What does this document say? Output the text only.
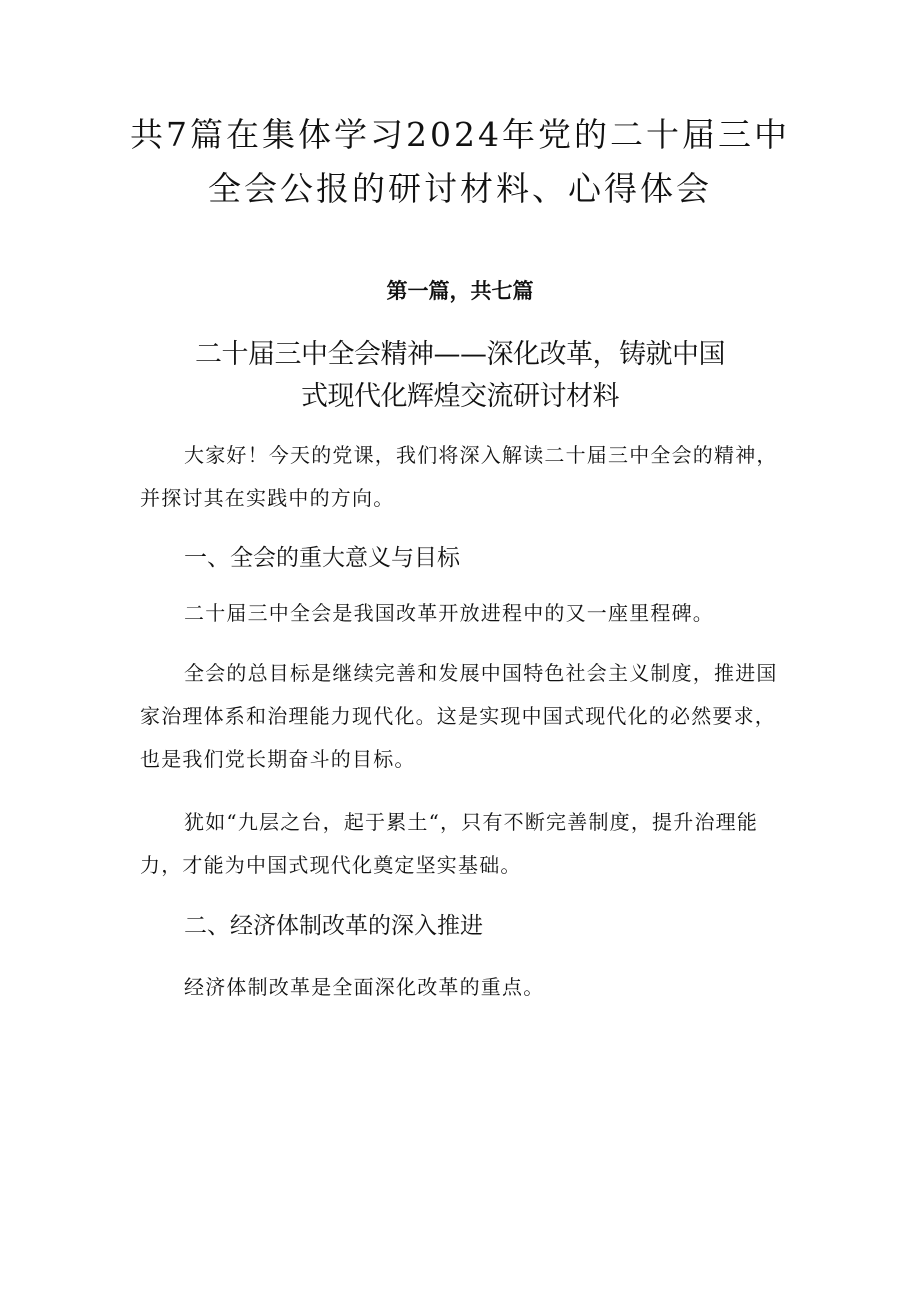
共7篇在集体学习2024年党的二十届三中
全会公报的研讨材料、心得体会

第一篇，共七篇

二十届三中全会精神——深化改革，铸就中国
式现代化辉煌交流研讨材料

大家好！今天的党课，我们将深入解读二十届三中全会的精神，
并探讨其在实践中的方向。

一、全会的重大意义与目标

二十届三中全会是我国改革开放进程中的又一座里程碑。

全会的总目标是继续完善和发展中国特色社会主义制度，推进国
家治理体系和治理能力现代化。这是实现中国式现代化的必然要求，
也是我们党长期奋斗的目标。

犹如“九层之台，起于累土“，只有不断完善制度，提升治理能
力，才能为中国式现代化奠定坚实基础。

二、经济体制改革的深入推进

经济体制改革是全面深化改革的重点。
